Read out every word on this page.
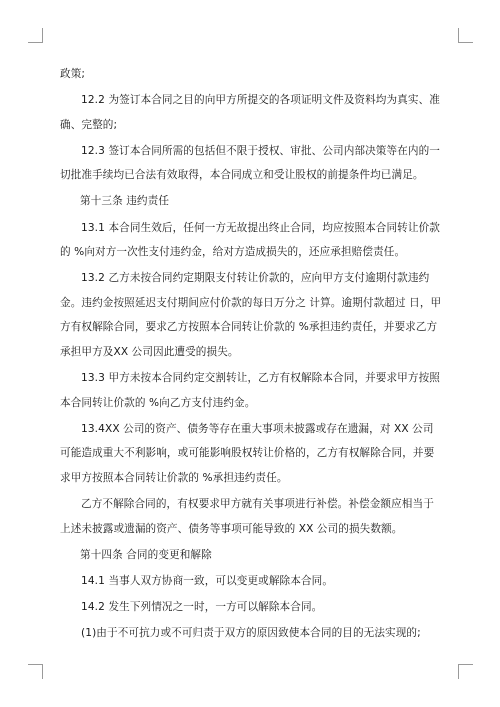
政策;

12.2 为签订本合同之目的向甲方所提交的各项证明文件及资料均为真实、准确、完整的;

12.3 签订本合同所需的包括但不限于授权、审批、公司内部决策等在内的一切批准手续均已合法有效取得，本合同成立和受让股权的前提条件均已满足。

第十三条 违约责任

13.1 本合同生效后，任何一方无故提出终止合同，均应按照本合同转让价款的 %向对方一次性支付违约金，给对方造成损失的，还应承担赔偿责任。

13.2 乙方未按合同约定期限支付转让价款的，应向甲方支付逾期付款违约金。违约金按照延迟支付期间应付价款的每日万分之 计算。逾期付款超过 日，甲方有权解除合同，要求乙方按照本合同转让价款的 %承担违约责任，并要求乙方承担甲方及XX 公司因此遭受的损失。

13.3 甲方未按本合同约定交割转让，乙方有权解除本合同，并要求甲方按照本合同转让价款的 %向乙方支付违约金。

13.4XX 公司的资产、债务等存在重大事项未披露或存在遗漏，对 XX 公司可能造成重大不利影响，或可能影响股权转让价格的，乙方有权解除合同，并要求甲方按照本合同转让价款的 %承担违约责任。

乙方不解除合同的，有权要求甲方就有关事项进行补偿。补偿金额应相当于上述未披露或遗漏的资产、债务等事项可能导致的 XX 公司的损失数额。

第十四条 合同的变更和解除

14.1 当事人双方协商一致，可以变更或解除本合同。

14.2 发生下列情况之一时，一方可以解除本合同。

(1)由于不可抗力或不可归责于双方的原因致使本合同的目的无法实现的;
